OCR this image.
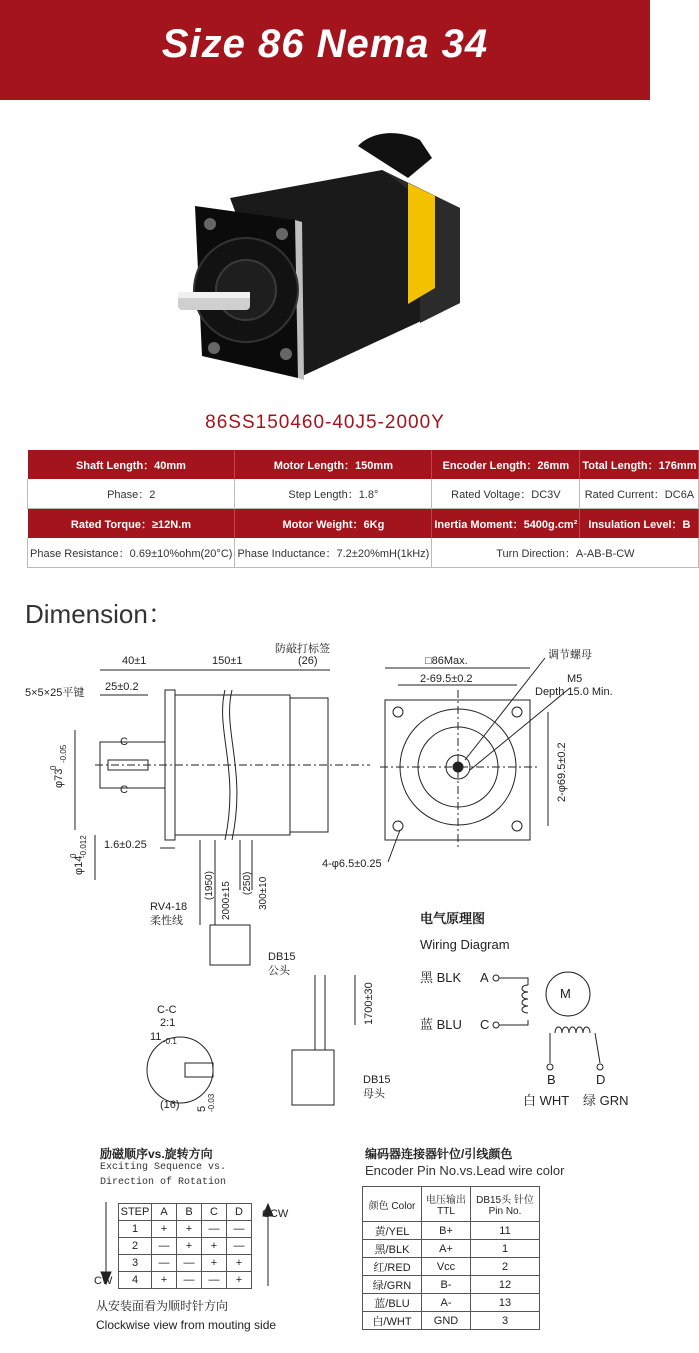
Size 86 Nema 34
86SS150460-40J5-2000Y
Shaft Length：40mm	Motor Length：150mm	Encoder Length：26mm	Total Length：176mm
Phase：2	Step Length：1.8°	Rated Voltage：DC3V	Rated Current：DC6A
Rated Torque：≥12N.m	Motor Weight：6Kg	Inertia Moment：5400g.cm²	Insulation Level：B
Phase Resistance：0.69±10%ohm(20°C)	Phase Inductance：7.2±20%mH(1kHz)	Turn Direction：A-AB-B-CW	
Dimension：
40±1	150±1	(26)
防敲打标签
25±0.2
5×5×25平键
1.6±0.25
C
C
φ73
0
-0.05
φ14
0 -0.012
(1950) 2000±15 (250) 300±10
RV4-18
柔性线
DB15
公头
1700±30
DB15
母头
C-C
2:1
11 -0.1
(16) 5 -0.03
□86Max.
2-69.5±0.2
调节螺母
M5
Depth 15.0 Min.
2-φ69.5±0.2
4-φ6.5±0.25
电气原理图
Wiring Diagram
黑 BLK A
蓝 BLU C
M
B	D
白 WHT 绿 GRN
励磁顺序vs.旋转方向
Exciting Sequence vs.
Direction of Rotation
CCW
CW
STEP	A	B	C	D
1	+	+	—	—
2	—	+	+	—
3	—	—	+	+
4	+	—	—	+
从安装面看为顺时针方向
Clockwise view from mouting side
编码器连接器针位/引线颜色
Encoder Pin No.vs.Lead wire color
颜色 Color	电压输出 TTL	DB15头 针位Pin No.
黄/YEL	B+	11
黑/BLK	A+	1
红/RED	Vcc	2
绿/GRN	B-	12
蓝/BLU	A-	13
白/WHT	GND	3
